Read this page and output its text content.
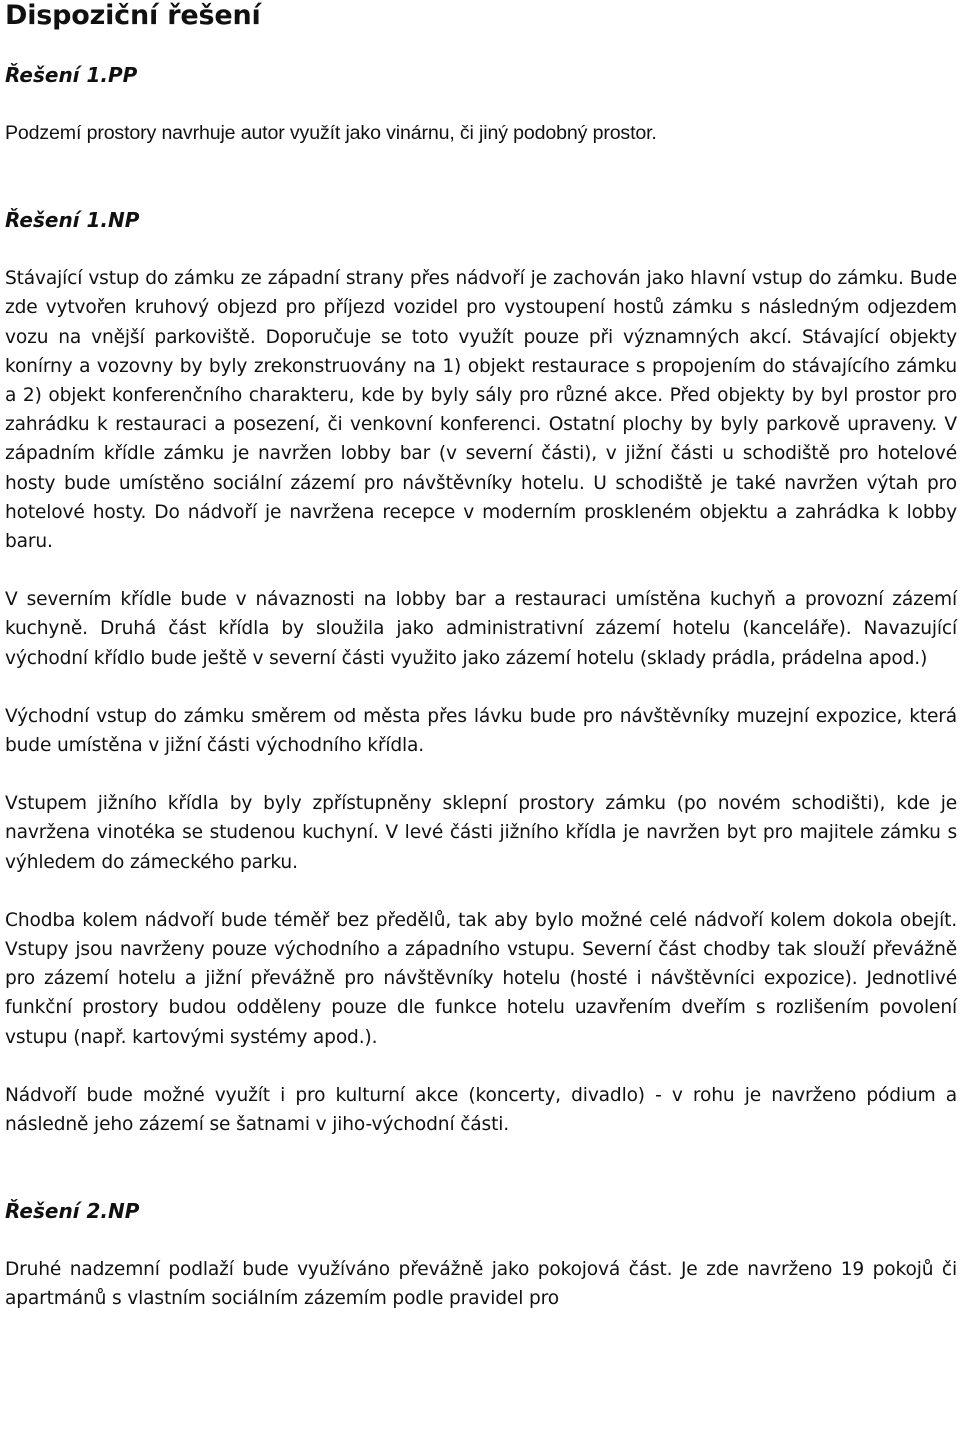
Dispoziční řešení
Řešení 1.PP

Podzemí prostory navrhuje autor využít jako vinárnu, či jiný podobný prostor.

Řešení 1.NP

Stávající vstup do zámku ze západní strany přes nádvoří je zachován jako hlavní vstup do zámku. Bude zde vytvořen kruhový objezd pro příjezd vozidel pro vystoupení hostů zámku s následným odjezdem vozu na vnější parkoviště. Doporučuje se toto využít pouze při významných akcí. Stávající objekty konírny a vozovny by byly zrekonstruovány na 1) objekt restaurace s propojením do stávajícího zámku a 2) objekt konferenčního charakteru, kde by byly sály pro různé akce. Před objekty by byl prostor pro zahrádku k restauraci a posezení, či venkovní konferenci. Ostatní plochy by byly parkově upraveny. V západním křídle zámku je navržen lobby bar (v severní části), v jižní části u schodiště pro hotelové hosty bude umístěno sociální zázemí pro návštěvníky hotelu. U schodiště je také navržen výtah pro hotelové hosty. Do nádvoří je navržena recepce v moderním proskleném objektu a zahrádka k lobby baru.

V severním křídle bude v návaznosti na lobby bar a restauraci umístěna kuchyň a provozní zázemí kuchyně. Druhá část křídla by sloužila jako administrativní zázemí hotelu (kanceláře). Navazující východní křídlo bude ještě v severní části využito jako zázemí hotelu (sklady prádla, prádelna apod.)

Východní vstup do zámku směrem od města přes lávku bude pro návštěvníky muzejní expozice, která bude umístěna v jižní části východního křídla.

Vstupem jižního křídla by byly zpřístupněny sklepní prostory zámku (po novém schodišti), kde je navržena vinotéka se studenou kuchyní. V levé části jižního křídla je navržen byt pro majitele zámku s výhledem do zámeckého parku.

Chodba kolem nádvoří bude téměř bez předělů, tak aby bylo možné celé nádvoří kolem dokola obejít. Vstupy jsou navrženy pouze východního a západního vstupu. Severní část chodby tak slouží převážně pro zázemí hotelu a jižní převážně pro návštěvníky hotelu (hosté i návštěvníci expozice). Jednotlivé funkční prostory budou odděleny pouze dle funkce hotelu uzavřením dveřím s rozlišením povolení vstupu (např. kartovými systémy apod.).

Nádvoří bude možné využít i pro kulturní akce (koncerty, divadlo) - v rohu je navrženo pódium a následně jeho zázemí se šatnami v jiho-východní části.

Řešení 2.NP

Druhé nadzemní podlaží bude využíváno převážně jako pokojová část. Je zde navrženo 19 pokojů či apartmánů s vlastním sociálním zázemím podle pravidel pro
